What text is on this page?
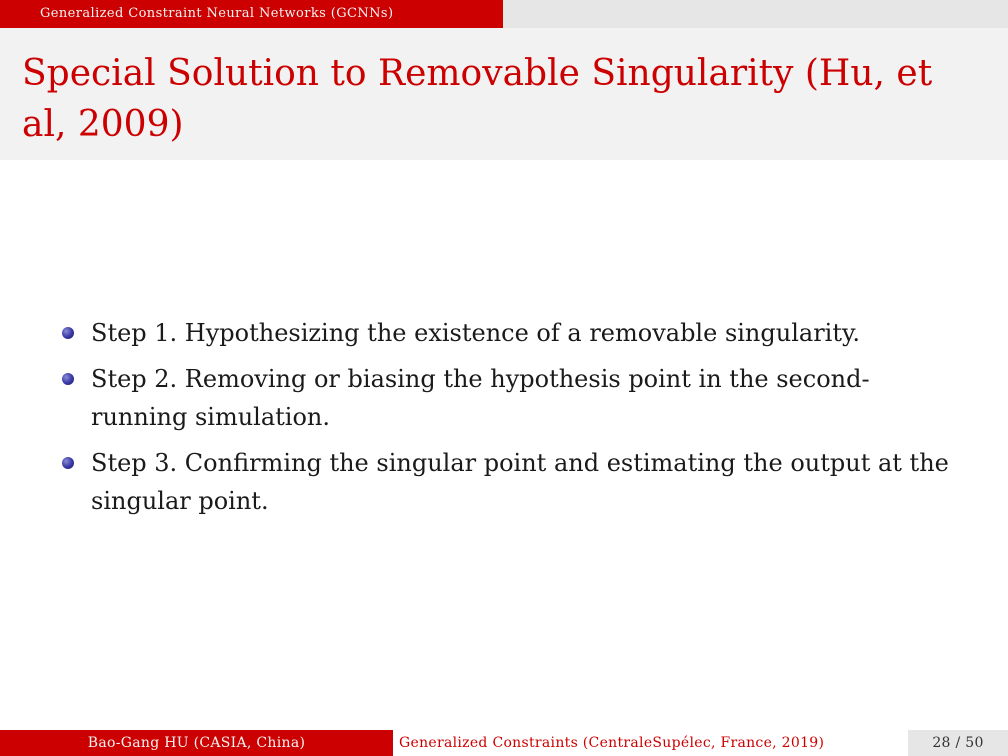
Generalized Constraint Neural Networks (GCNNs)
Special Solution to Removable Singularity (Hu, et al, 2009)
Step 1. Hypothesizing the existence of a removable singularity.
Step 2. Removing or biasing the hypothesis point in the second-running simulation.
Step 3. Confirming the singular point and estimating the output at the singular point.
Bao-Gang HU (CASIA, China)	Generalized Constraints (CentraleSupélec, France, 2019)	28 / 50
